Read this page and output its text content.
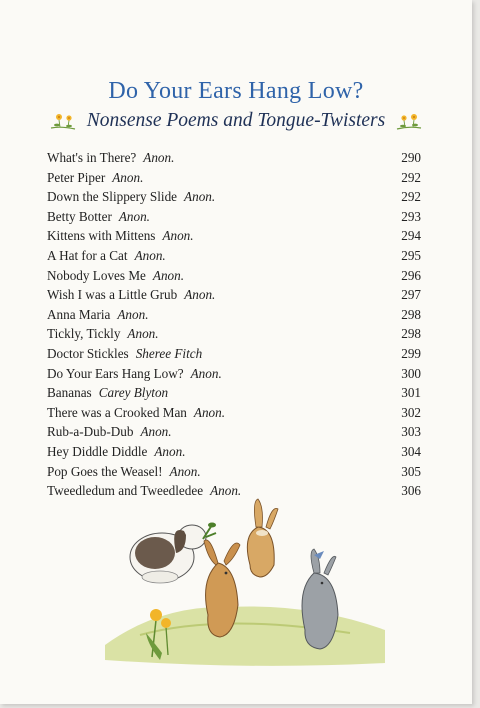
Do Your Ears Hang Low?
Nonsense Poems and Tongue-Twisters
What's in There? Anon.	290
Peter Piper Anon.	292
Down the Slippery Slide Anon.	292
Betty Botter Anon.	293
Kittens with Mittens Anon.	294
A Hat for a Cat Anon.	295
Nobody Loves Me Anon.	296
Wish I was a Little Grub Anon.	297
Anna Maria Anon.	298
Tickly, Tickly Anon.	298
Doctor Stickles Sheree Fitch	299
Do Your Ears Hang Low? Anon.	300
Bananas Carey Blyton	301
There was a Crooked Man Anon.	302
Rub-a-Dub-Dub Anon.	303
Hey Diddle Diddle Anon.	304
Pop Goes the Weasel! Anon.	305
Tweedledum and Tweedledee Anon.	306
